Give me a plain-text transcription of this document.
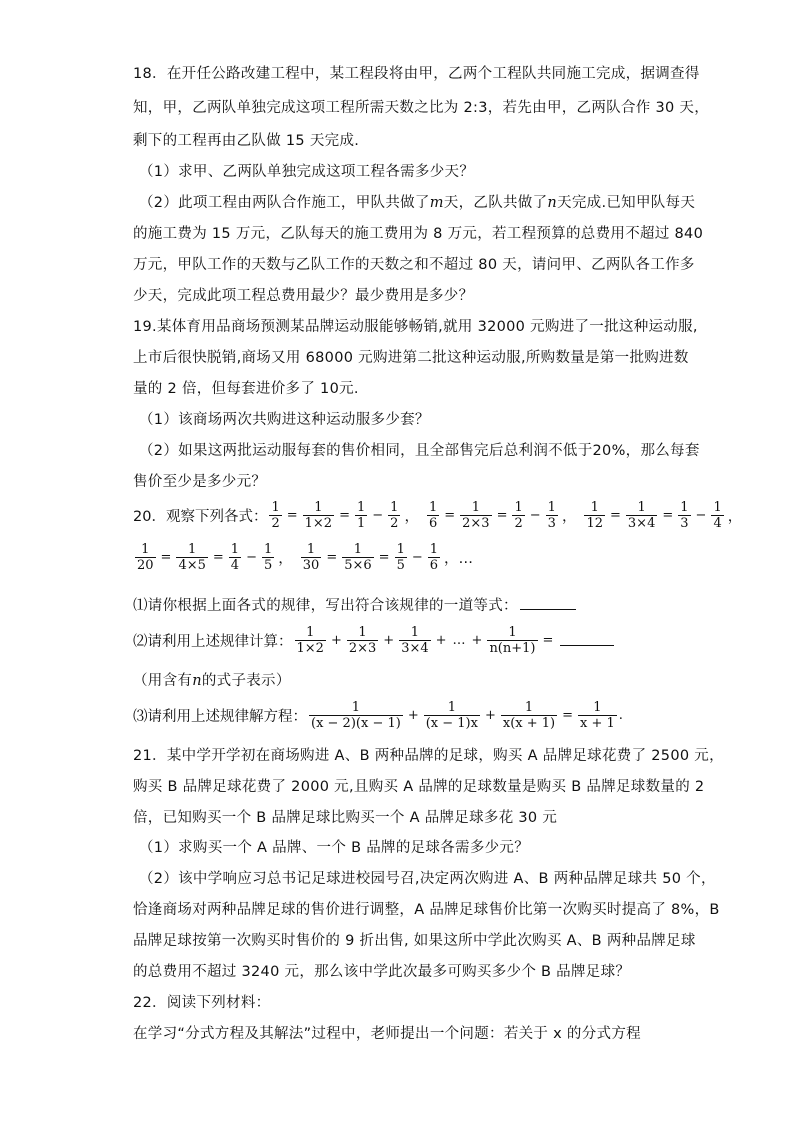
18．在开任公路改建工程中，某工程段将由甲，乙两个工程队共同施工完成，据调查得
知，甲，乙两队单独完成这项工程所需天数之比为 2:3，若先由甲，乙两队合作 30 天，
剩下的工程再由乙队做 15 天完成.
（1）求甲、乙两队单独完成这项工程各需多少天？
（2）此项工程由两队合作施工，甲队共做了m天，乙队共做了n天完成.已知甲队每天
的施工费为 15 万元，乙队每天的施工费用为 8 万元，若工程预算的总费用不超过 840
万元，甲队工作的天数与乙队工作的天数之和不超过 80 天，请问甲、乙两队各工作多
少天，完成此项工程总费用最少？最少费用是多少？
19.某体育用品商场预测某品牌运动服能够畅销,就用 32000 元购进了一批这种运动服,
上市后很快脱销,商场又用 68000 元购进第二批这种运动服,所购数量是第一批购进数
量的 2 倍，但每套进价多了 10元.
（1）该商场两次共购进这种运动服多少套？
（2）如果这两批运动服每套的售价相同，且全部售完后总利润不低于20%，那么每套
售价至少是多少元？
20．观察下列各式： $\frac{1}{2} = \frac{1}{1\times 2} = \frac{1}{1} - \frac{1}{2}$ ， $\frac{1}{6} = \frac{1}{2\times 3} = \frac{1}{2} - \frac{1}{3}$ ， $\frac{1}{12} = \frac{1}{3\times 4} = \frac{1}{3} - \frac{1}{4}$ ，
$\frac{1}{20} = \frac{1}{4\times 5} = \frac{1}{4} - \frac{1}{5}$ ， $\frac{1}{30} = \frac{1}{5\times 6} = \frac{1}{5} - \frac{1}{6}$ ，…
⑴请你根据上面各式的规律，写出符合该规律的一道等式：
⑵请利用上述规律计算： $\frac{1}{1\times 2} + \frac{1}{2\times 3} + \frac{1}{3\times 4}$ + … + $\frac{1}{n(n+1)}$ =
（用含有n的式子表示）
⑶请利用上述规律解方程： $\frac{1}{(x - 2)(x - 1)} + \frac{1}{(x - 1)x} + \frac{1}{x(x + 1)} = \frac{1}{x + 1}$ .
21．某中学开学初在商场购进 A、B 两种品牌的足球，购买 A 品牌足球花费了 2500 元，
购买 B 品牌足球花费了 2000 元,且购买 A 品牌的足球数量是购买 B 品牌足球数量的 2
倍，已知购买一个 B 品牌足球比购买一个 A 品牌足球多花 30 元
（1）求购买一个 A 品牌、一个 B 品牌的足球各需多少元？
（2）该中学响应习总书记足球进校园号召,决定两次购进 A、B 两种品牌足球共 50 个，
恰逢商场对两种品牌足球的售价进行调整，A 品牌足球售价比第一次购买时提高了 8%，B
品牌足球按第一次购买时售价的 9 折出售, 如果这所中学此次购买 A、B 两种品牌足球
的总费用不超过 3240 元，那么该中学此次最多可购买多少个 B 品牌足球？
22．阅读下列材料：
在学习“分式方程及其解法”过程中，老师提出一个问题：若关于 x 的分式方程
